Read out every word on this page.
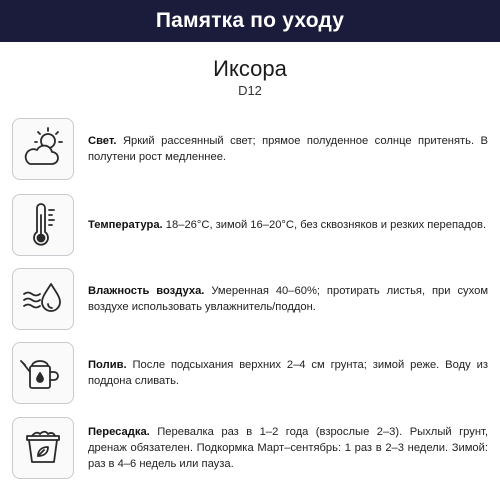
Памятка по уходу
Иксора
D12
Свет. Яркий рассеянный свет; прямое полуденное солнце притенять. В полутени рост медленнее.
Температура. 18–26°C, зимой 16–20°C, без сквозняков и резких перепадов.
Влажность воздуха. Умеренная 40–60%; протирать листья, при сухом воздухе использовать увлажнитель/поддон.
Полив. После подсыхания верхних 2–4 см грунта; зимой реже. Воду из поддона сливать.
Пересадка. Перевалка раз в 1–2 года (взрослые 2–3). Рыхлый грунт, дренаж обязателен. Подкормка Март–сентябрь: 1 раз в 2–3 недели. Зимой: раз в 4–6 недель или пауза.
